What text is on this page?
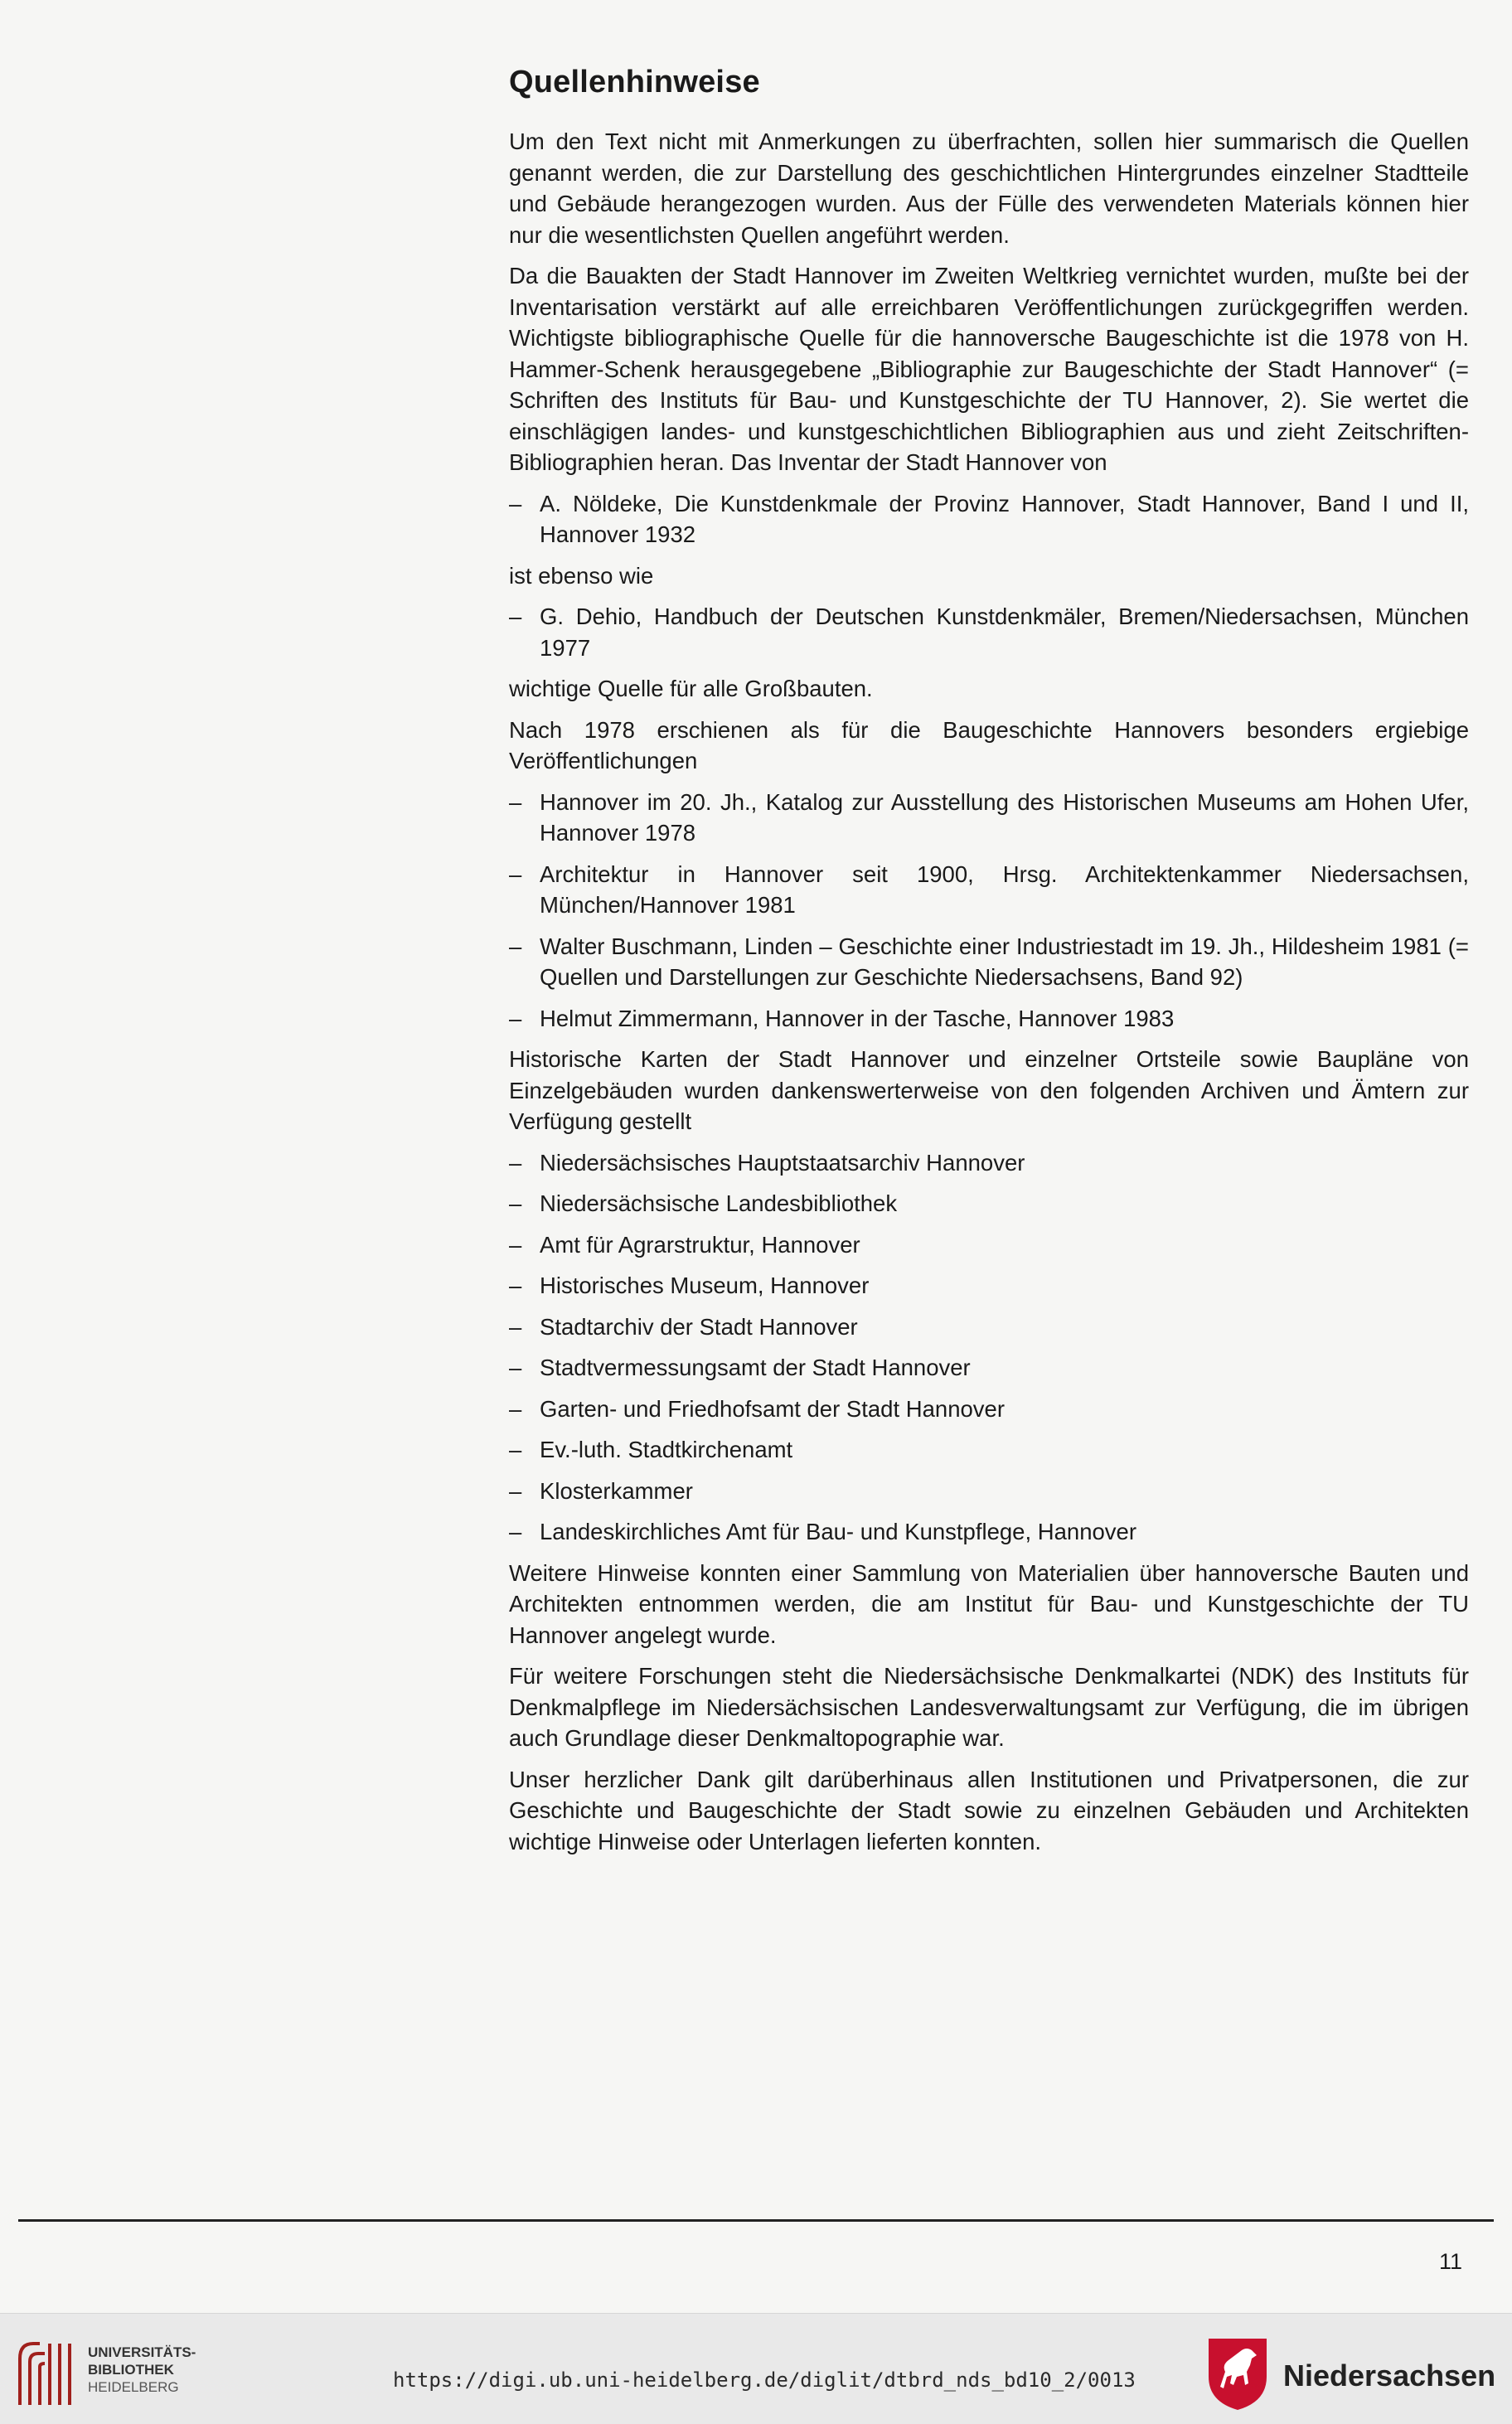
Quellenhinweise

Um den Text nicht mit Anmerkungen zu überfrachten, sollen hier summarisch die Quellen genannt werden, die zur Darstellung des geschichtlichen Hintergrundes einzelner Stadtteile und Gebäude herangezogen wurden. Aus der Fülle des verwendeten Materials können hier nur die wesentlichsten Quellen angeführt werden.

Da die Bauakten der Stadt Hannover im Zweiten Weltkrieg vernichtet wurden, mußte bei der Inventarisation verstärkt auf alle erreichbaren Veröffentlichungen zurückgegriffen werden. Wichtigste bibliographische Quelle für die hannoversche Baugeschichte ist die 1978 von H. Hammer-Schenk herausgegebene „Bibliographie zur Baugeschichte der Stadt Hannover“ (= Schriften des Instituts für Bau- und Kunstgeschichte der TU Hannover, 2). Sie wertet die einschlägigen landes- und kunstgeschichtlichen Bibliographien aus und zieht Zeitschriften-Bibliographien heran. Das Inventar der Stadt Hannover von

– A. Nöldeke, Die Kunstdenkmale der Provinz Hannover, Stadt Hannover, Band I und II, Hannover 1932

ist ebenso wie

– G. Dehio, Handbuch der Deutschen Kunstdenkmäler, Bremen/Niedersachsen, München 1977

wichtige Quelle für alle Großbauten.

Nach 1978 erschienen als für die Baugeschichte Hannovers besonders ergiebige Veröffentlichungen

– Hannover im 20. Jh., Katalog zur Ausstellung des Historischen Museums am Hohen Ufer, Hannover 1978
– Architektur in Hannover seit 1900, Hrsg. Architektenkammer Niedersachsen, München/Hannover 1981
– Walter Buschmann, Linden – Geschichte einer Industriestadt im 19. Jh., Hildesheim 1981 (= Quellen und Darstellungen zur Geschichte Niedersachsens, Band 92)
– Helmut Zimmermann, Hannover in der Tasche, Hannover 1983

Historische Karten der Stadt Hannover und einzelner Ortsteile sowie Baupläne von Einzelgebäuden wurden dankenswerterweise von den folgenden Archiven und Ämtern zur Verfügung gestellt

– Niedersächsisches Hauptstaatsarchiv Hannover
– Niedersächsische Landesbibliothek
– Amt für Agrarstruktur, Hannover
– Historisches Museum, Hannover
– Stadtarchiv der Stadt Hannover
– Stadtvermessungsamt der Stadt Hannover
– Garten- und Friedhofsamt der Stadt Hannover
– Ev.-luth. Stadtkirchenamt
– Klosterkammer
– Landeskirchliches Amt für Bau- und Kunstpflege, Hannover

Weitere Hinweise konnten einer Sammlung von Materialien über hannoversche Bauten und Architekten entnommen werden, die am Institut für Bau- und Kunstgeschichte der TU Hannover angelegt wurde.

Für weitere Forschungen steht die Niedersächsische Denkmalkartei (NDK) des Instituts für Denkmalpflege im Niedersächsischen Landesverwaltungsamt zur Verfügung, die im übrigen auch Grundlage dieser Denkmaltopographie war.

Unser herzlicher Dank gilt darüberhinaus allen Institutionen und Privatpersonen, die zur Geschichte und Baugeschichte der Stadt sowie zu einzelnen Gebäuden und Architekten wichtige Hinweise oder Unterlagen lieferten konnten.

11

UNIVERSITÄTS-
BIBLIOTHEK
HEIDELBERG	https://digi.ub.uni-heidelberg.de/diglit/dtbrd_nds_bd10_2/0013	Niedersachsen
